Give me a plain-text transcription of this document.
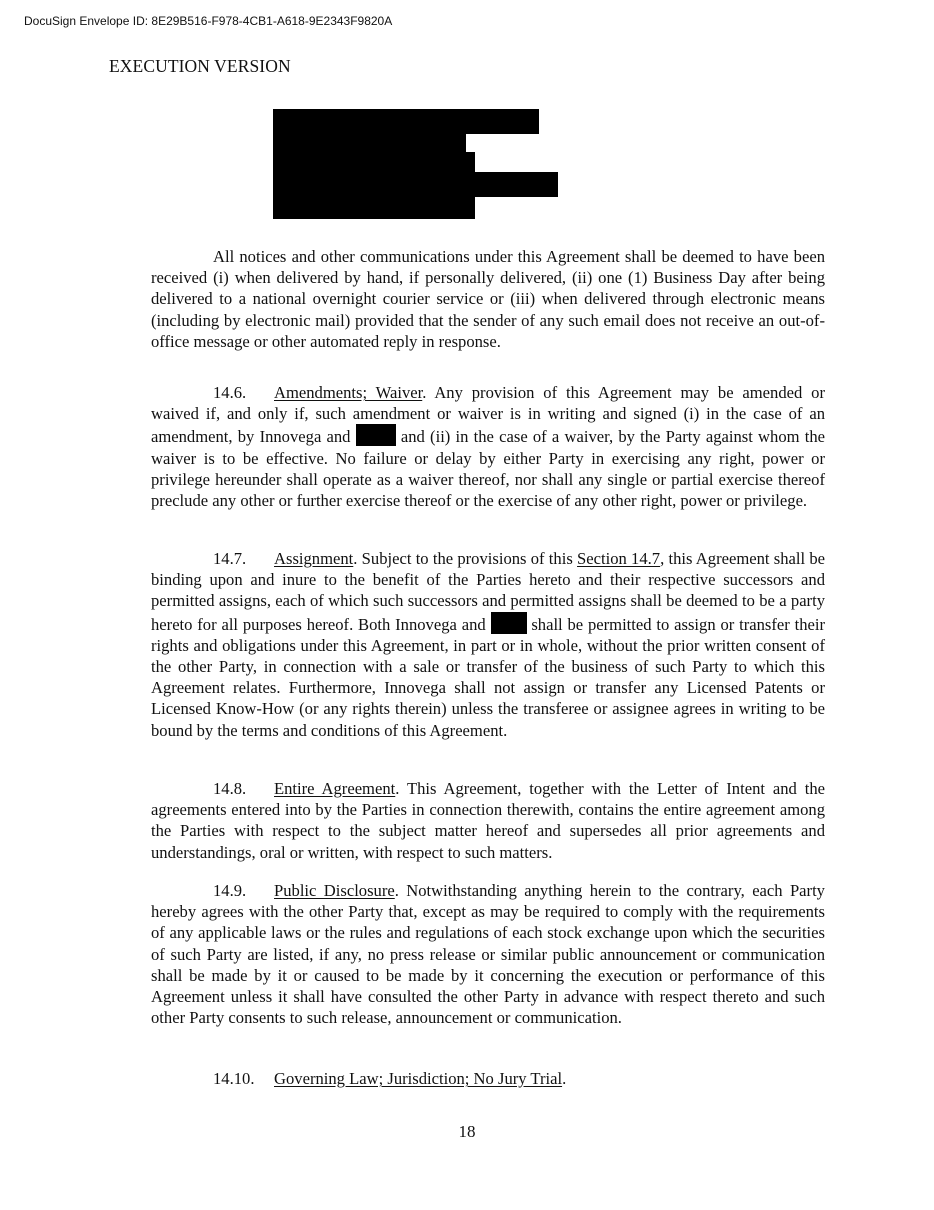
DocuSign Envelope ID: 8E29B516-F978-4CB1-A618-9E2343F9820A
EXECUTION VERSION

All notices and other communications under this Agreement shall be deemed to have been received (i) when delivered by hand, if personally delivered, (ii) one (1) Business Day after being delivered to a national overnight courier service or (iii) when delivered through electronic means (including by electronic mail) provided that the sender of any such email does not receive an out-of-office message or other automated reply in response.

14.6. Amendments; Waiver. Any provision of this Agreement may be amended or waived if, and only if, such amendment or waiver is in writing and signed (i) in the case of an amendment, by Innovega and  and (ii) in the case of a waiver, by the Party against whom the waiver is to be effective. No failure or delay by either Party in exercising any right, power or privilege hereunder shall operate as a waiver thereof, nor shall any single or partial exercise thereof preclude any other or further exercise thereof or the exercise of any other right, power or privilege.

14.7. Assignment. Subject to the provisions of this Section 14.7, this Agreement shall be binding upon and inure to the benefit of the Parties hereto and their respective successors and permitted assigns, each of which such successors and permitted assigns shall be deemed to be a party hereto for all purposes hereof. Both Innovega and  shall be permitted to assign or transfer their rights and obligations under this Agreement, in part or in whole, without the prior written consent of the other Party, in connection with a sale or transfer of the business of such Party to which this Agreement relates. Furthermore, Innovega shall not assign or transfer any Licensed Patents or Licensed Know-How (or any rights therein) unless the transferee or assignee agrees in writing to be bound by the terms and conditions of this Agreement.

14.8. Entire Agreement. This Agreement, together with the Letter of Intent and the agreements entered into by the Parties in connection therewith, contains the entire agreement among the Parties with respect to the subject matter hereof and supersedes all prior agreements and understandings, oral or written, with respect to such matters.

14.9. Public Disclosure. Notwithstanding anything herein to the contrary, each Party hereby agrees with the other Party that, except as may be required to comply with the requirements of any applicable laws or the rules and regulations of each stock exchange upon which the securities of such Party are listed, if any, no press release or similar public announcement or communication shall be made by it or caused to be made by it concerning the execution or performance of this Agreement unless it shall have consulted the other Party in advance with respect thereto and such other Party consents to such release, announcement or communication.

14.10. Governing Law; Jurisdiction; No Jury Trial.

18
